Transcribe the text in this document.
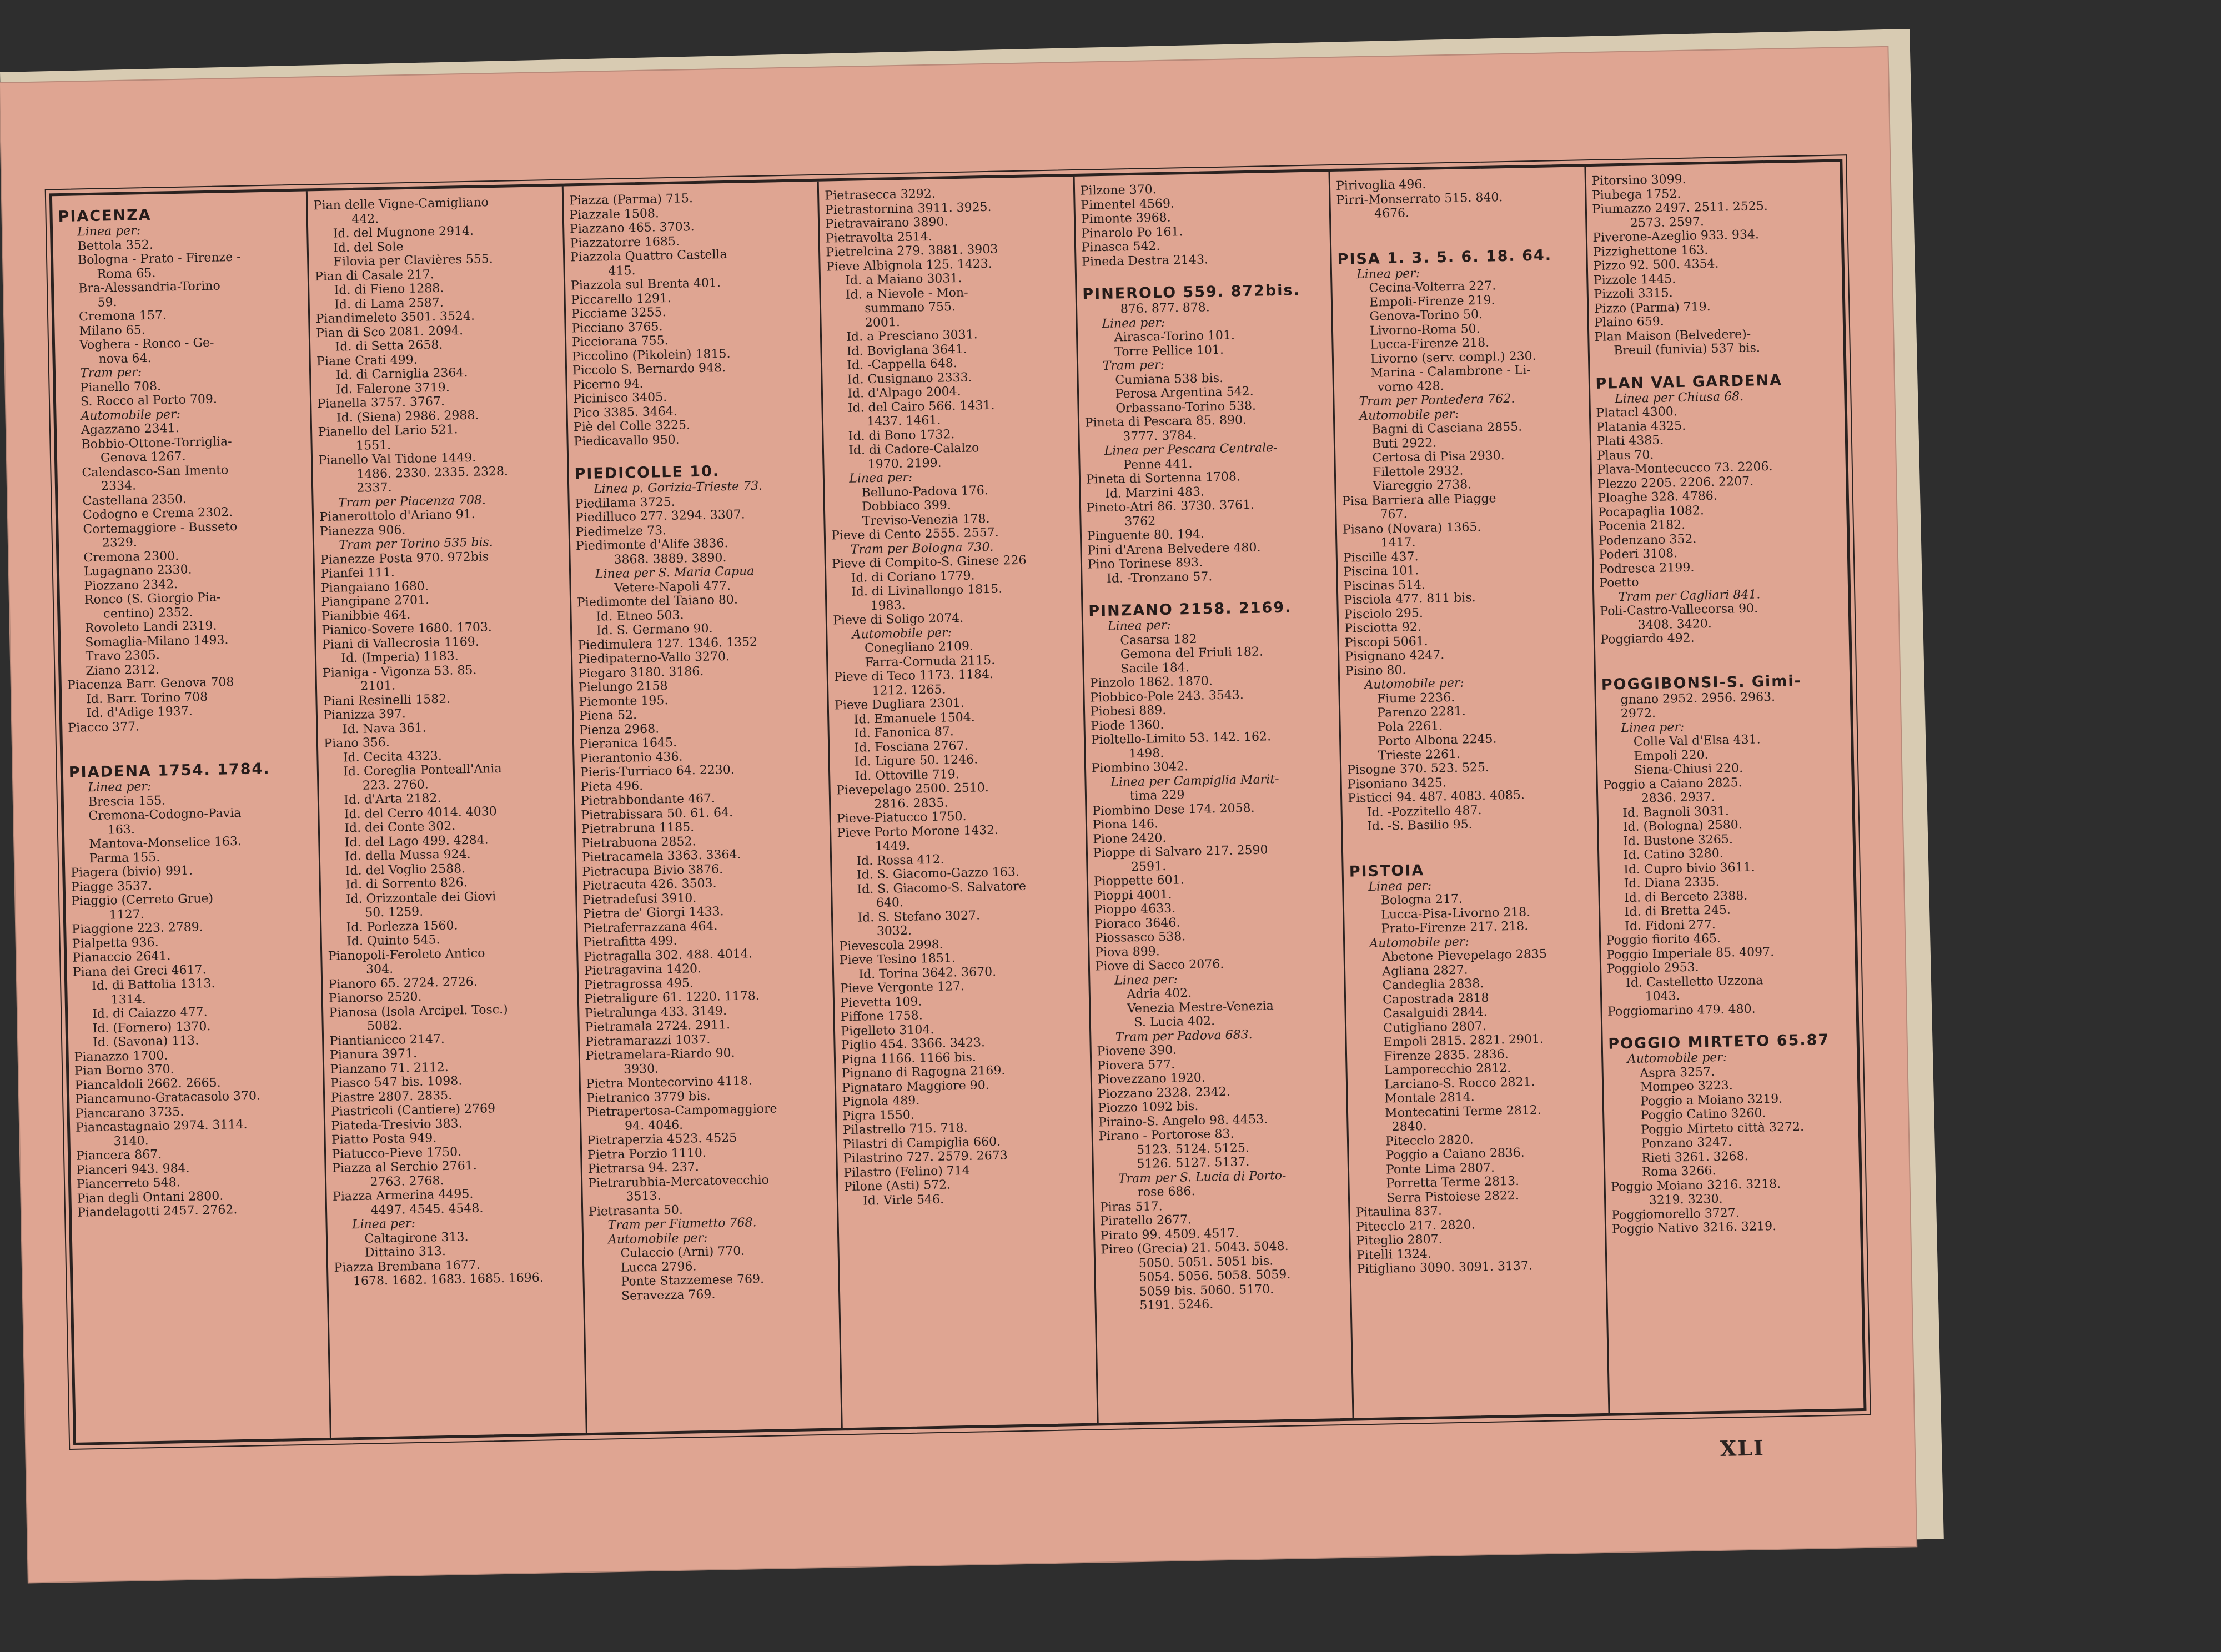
PIACENZA
Linea per:
Bettola 352.
Bologna - Prato - Firenze -
Roma 65.
Bra-Alessandria-Torino
59.
Cremona 157.
Milano 65.
Voghera - Ronco - Ge-
nova 64.
Tram per:
Pianello 708.
S. Rocco al Porto 709.
Automobile per:
Agazzano 2341.
Bobbio-Ottone-Torriglia-
Genova 1267.
Calendasco-San Imento
2334.
Castellana 2350.
Codogno e Crema 2302.
Cortemaggiore - Busseto
2329.
Cremona 2300.
Lugagnano 2330.
Piozzano 2342.
Ronco (S. Giorgio Pia-
centino) 2352.
Rovoleto Landi 2319.
Somaglia-Milano 1493.
Travo 2305.
Ziano 2312.
Piacenza Barr. Genova 708
Id. Barr. Torino 708
Id. d'Adige 1937.
Piacco 377.
PIADENA 1754. 1784.
Linea per:
Brescia 155.
Cremona-Codogno-Pavia
163.
Mantova-Monselice 163.
Parma 155.
Piagera (bivio) 991.
Piagge 3537.
Piaggio (Cerreto Grue)
1127.
Piaggione 223. 2789.
Pialpetta 936.
Pianaccio 2641.
Piana dei Greci 4617.
Id. di Battolia 1313.
1314.
Id. di Caiazzo 477.
Id. (Fornero) 1370.
Id. (Savona) 113.
Pianazzo 1700.
Pian Borno 370.
Piancaldoli 2662. 2665.
Piancamuno-Gratacasolo 370.
Piancarano 3735.
Piancastagnaio 2974. 3114.
3140.
Piancera 867.
Pianceri 943. 984.
Piancerreto 548.
Pian degli Ontani 2800.
Piandelagotti 2457. 2762.
Pian delle Vigne-Camigliano
442.
Id. del Mugnone 2914.
Id. del Sole
Filovia per Clavières 555.
Pian di Casale 217.
Id. di Fieno 1288.
Id. di Lama 2587.
Piandimeleto 3501. 3524.
Pian di Sco 2081. 2094.
Id. di Setta 2658.
Piane Crati 499.
Id. di Carniglia 2364.
Id. Falerone 3719.
Pianella 3757. 3767.
Id. (Siena) 2986. 2988.
Pianello del Lario 521.
1551.
Pianello Val Tidone 1449.
1486. 2330. 2335. 2328.
2337.
Tram per Piacenza 708.
Pianerottolo d'Ariano 91.
Pianezza 906.
Tram per Torino 535 bis.
Pianezze Posta 970. 972bis
Pianfei 111.
Piangaiano 1680.
Piangipane 2701.
Pianibbie 464.
Pianico-Sovere 1680. 1703.
Piani di Vallecrosia 1169.
Id. (Imperia) 1183.
Pianiga - Vigonza 53. 85.
2101.
Piani Resinelli 1582.
Pianizza 397.
Id. Nava 361.
Piano 356.
Id. Cecita 4323.
Id. Coreglia Ponteall'Ania
223. 2760.
Id. d'Arta 2182.
Id. del Cerro 4014. 4030
Id. dei Conte 302.
Id. del Lago 499. 4284.
Id. della Mussa 924.
Id. del Voglio 2588.
Id. di Sorrento 826.
Id. Orizzontale dei Giovi
50. 1259.
Id. Porlezza 1560.
Id. Quinto 545.
Pianopoli-Feroleto Antico
304.
Pianoro 65. 2724. 2726.
Pianorso 2520.
Pianosa (Isola Arcipel. Tosc.)
5082.
Piantianicco 2147.
Pianura 3971.
Pianzano 71. 2112.
Piasco 547 bis. 1098.
Piastre 2807. 2835.
Piastricoli (Cantiere) 2769
Piateda-Tresivio 383.
Piatto Posta 949.
Piatucco-Pieve 1750.
Piazza al Serchio 2761.
2763. 2768.
Piazza Armerina 4495.
4497. 4545. 4548.
Linea per:
Caltagirone 313.
Dittaino 313.
Piazza Brembana 1677.
1678. 1682. 1683. 1685. 1696.
Piazza (Parma) 715.
Piazzale 1508.
Piazzano 465. 3703.
Piazzatorre 1685.
Piazzola Quattro Castella
415.
Piazzola sul Brenta 401.
Piccarello 1291.
Picciame 3255.
Picciano 3765.
Picciorana 755.
Piccolino (Pikolein) 1815.
Piccolo S. Bernardo 948.
Picerno 94.
Picinisco 3405.
Pico 3385. 3464.
Piè del Colle 3225.
Piedicavallo 950.
PIEDICOLLE 10.
Linea p. Gorizia-Trieste 73.
Piedilama 3725.
Piedilluco 277. 3294. 3307.
Piedimelze 73.
Piedimonte d'Alife 3836.
3868. 3889. 3890.
Linea per S. Maria Capua
Vetere-Napoli 477.
Piedimonte del Taiano 80.
Id. Etneo 503.
Id. S. Germano 90.
Piedimulera 127. 1346. 1352
Piedipaterno-Vallo 3270.
Piegaro 3180. 3186.
Pielungo 2158
Piemonte 195.
Piena 52.
Pienza 2968.
Pieranica 1645.
Pierantonio 436.
Pieris-Turriaco 64. 2230.
Pieta 496.
Pietrabbondante 467.
Pietrabissara 50. 61. 64.
Pietrabruna 1185.
Pietrabuona 2852.
Pietracamela 3363. 3364.
Pietracupa Bivio 3876.
Pietracuta 426. 3503.
Pietradefusi 3910.
Pietra de' Giorgi 1433.
Pietraferrazzana 464.
Pietrafitta 499.
Pietragalla 302. 488. 4014.
Pietragavina 1420.
Pietragrossa 495.
Pietraligure 61. 1220. 1178.
Pietralunga 433. 3149.
Pietramala 2724. 2911.
Pietramarazzi 1037.
Pietramelara-Riardo 90.
3930.
Pietra Montecorvino 4118.
Pietranico 3779 bis.
Pietrapertosa-Campomaggiore
94. 4046.
Pietraperzia 4523. 4525
Pietra Porzio 1110.
Pietrarsa 94. 237.
Pietrarubbia-Mercatovecchio
3513.
Pietrasanta 50.
Tram per Fiumetto 768.
Automobile per:
Culaccio (Arni) 770.
Lucca 2796.
Ponte Stazzemese 769.
Seravezza 769.
Pietrasecca 3292.
Pietrastornina 3911. 3925.
Pietravairano 3890.
Pietravolta 2514.
Pietrelcina 279. 3881. 3903
Pieve Albignola 125. 1423.
Id. a Maiano 3031.
Id. a Nievole - Mon-
summano 755.
2001.
Id. a Presciano 3031.
Id. Boviglana 3641.
Id. -Cappella 648.
Id. Cusignano 2333.
Id. d'Alpago 2004.
Id. del Cairo 566. 1431.
1437. 1461.
Id. di Bono 1732.
Id. di Cadore-Calalzo
1970. 2199.
Linea per:
Belluno-Padova 176.
Dobbiaco 399.
Treviso-Venezia 178.
Pieve di Cento 2555. 2557.
Tram per Bologna 730.
Pieve di Compito-S. Ginese 226
Id. di Coriano 1779.
Id. di Livinallongo 1815.
1983.
Pieve di Soligo 2074.
Automobile per:
Conegliano 2109.
Farra-Cornuda 2115.
Pieve di Teco 1173. 1184.
1212. 1265.
Pieve Dugliara 2301.
Id. Emanuele 1504.
Id. Fanonica 87.
Id. Fosciana 2767.
Id. Ligure 50. 1246.
Id. Ottoville 719.
Pievepelago 2500. 2510.
2816. 2835.
Pieve-Piatucco 1750.
Pieve Porto Morone 1432.
1449.
Id. Rossa 412.
Id. S. Giacomo-Gazzo 163.
Id. S. Giacomo-S. Salvatore
640.
Id. S. Stefano 3027.
3032.
Pievescola 2998.
Pieve Tesino 1851.
Id. Torina 3642. 3670.
Pieve Vergonte 127.
Pievetta 109.
Piffone 1758.
Pigelleto 3104.
Piglio 454. 3366. 3423.
Pigna 1166. 1166 bis.
Pignano di Ragogna 2169.
Pignataro Maggiore 90.
Pignola 489.
Pigra 1550.
Pilastrello 715. 718.
Pilastri di Campiglia 660.
Pilastrino 727. 2579. 2673
Pilastro (Felino) 714
Pilone (Asti) 572.
Id. Virle 546.
Pilzone 370.
Pimentel 4569.
Pimonte 3968.
Pinarolo Po 161.
Pinasca 542.
Pineda Destra 2143.
PINEROLO 559. 872bis.
876. 877. 878.
Linea per:
Airasca-Torino 101.
Torre Pellice 101.
Tram per:
Cumiana 538 bis.
Perosa Argentina 542.
Orbassano-Torino 538.
Pineta di Pescara 85. 890.
3777. 3784.
Linea per Pescara Centrale-
Penne 441.
Pineta di Sortenna 1708.
Id. Marzini 483.
Pineto-Atri 86. 3730. 3761.
3762
Pinguente 80. 194.
Pini d'Arena Belvedere 480.
Pino Torinese 893.
Id. -Tronzano 57.
PINZANO 2158. 2169.
Linea per:
Casarsa 182
Gemona del Friuli 182.
Sacile 184.
Pinzolo 1862. 1870.
Piobbico-Pole 243. 3543.
Piobesi 889.
Piode 1360.
Pioltello-Limito 53. 142. 162.
1498.
Piombino 3042.
Linea per Campiglia Marit-
tima 229
Piombino Dese 174. 2058.
Piona 146.
Pione 2420.
Pioppe di Salvaro 217. 2590
2591.
Pioppette 601.
Pioppi 4001.
Pioppo 4633.
Pioraco 3646.
Piossasco 538.
Piova 899.
Piove di Sacco 2076.
Linea per:
Adria 402.
Venezia Mestre-Venezia
S. Lucia 402.
Tram per Padova 683.
Piovene 390.
Piovera 577.
Piovezzano 1920.
Piozzano 2328. 2342.
Piozzo 1092 bis.
Piraino-S. Angelo 98. 4453.
Pirano - Portorose 83.
5123. 5124. 5125.
5126. 5127. 5137.
Tram per S. Lucia di Porto-
rose 686.
Piras 517.
Piratello 2677.
Pirato 99. 4509. 4517.
Pireo (Grecia) 21. 5043. 5048.
5050. 5051. 5051 bis.
5054. 5056. 5058. 5059.
5059 bis. 5060. 5170.
5191. 5246.
Pirivoglia 496.
Pirri-Monserrato 515. 840.
4676.
PISA 1. 3. 5. 6. 18. 64.
Linea per:
Cecina-Volterra 227.
Empoli-Firenze 219.
Genova-Torino 50.
Livorno-Roma 50.
Lucca-Firenze 218.
Livorno (serv. compl.) 230.
Marina - Calambrone - Li-
vorno 428.
Tram per Pontedera 762.
Automobile per:
Bagni di Casciana 2855.
Buti 2922.
Certosa di Pisa 2930.
Filettole 2932.
Viareggio 2738.
Pisa Barriera alle Piagge
767.
Pisano (Novara) 1365.
1417.
Piscille 437.
Piscina 101.
Piscinas 514.
Pisciola 477. 811 bis.
Pisciolo 295.
Pisciotta 92.
Piscopi 5061.
Pisignano 4247.
Pisino 80.
Automobile per:
Fiume 2236.
Parenzo 2281.
Pola 2261.
Porto Albona 2245.
Trieste 2261.
Pisogne 370. 523. 525.
Pisoniano 3425.
Pisticci 94. 487. 4083. 4085.
Id. -Pozzitello 487.
Id. -S. Basilio 95.
PISTOIA
Linea per:
Bologna 217.
Lucca-Pisa-Livorno 218.
Prato-Firenze 217. 218.
Automobile per:
Abetone Pievepelago 2835
Agliana 2827.
Candeglia 2838.
Capostrada 2818
Casalguidi 2844.
Cutigliano 2807.
Empoli 2815. 2821. 2901.
Firenze 2835. 2836.
Lamporecchio 2812.
Larciano-S. Rocco 2821.
Montale 2814.
Montecatini Terme 2812.
2840.
Pitecclo 2820.
Poggio a Caiano 2836.
Ponte Lima 2807.
Porretta Terme 2813.
Serra Pistoiese 2822.
Pitaulina 837.
Pitecclo 217. 2820.
Piteglio 2807.
Pitelli 1324.
Pitigliano 3090. 3091. 3137.
Pitorsino 3099.
Piubega 1752.
Piumazzo 2497. 2511. 2525.
2573. 2597.
Piverone-Azeglio 933. 934.
Pizzighettone 163.
Pizzo 92. 500. 4354.
Pizzole 1445.
Pizzoli 3315.
Pizzo (Parma) 719.
Plaino 659.
Plan Maison (Belvedere)-
Breuil (funivia) 537 bis.
PLAN VAL GARDENA
Linea per Chiusa 68.
Platacl 4300.
Platania 4325.
Plati 4385.
Plaus 70.
Plava-Montecucco 73. 2206.
Plezzo 2205. 2206. 2207.
Ploaghe 328. 4786.
Pocapaglia 1082.
Pocenia 2182.
Podenzano 352.
Poderi 3108.
Podresca 2199.
Poetto
Tram per Cagliari 841.
Poli-Castro-Vallecorsa 90.
3408. 3420.
Poggiardo 492.
POGGIBONSI-S. Gimi-
gnano 2952. 2956. 2963.
2972.
Linea per:
Colle Val d'Elsa 431.
Empoli 220.
Siena-Chiusi 220.
Poggio a Caiano 2825.
2836. 2937.
Id. Bagnoli 3031.
Id. (Bologna) 2580.
Id. Bustone 3265.
Id. Catino 3280.
Id. Cupro bivio 3611.
Id. Diana 2335.
Id. di Berceto 2388.
Id. di Bretta 245.
Id. Fidoni 277.
Poggio fiorito 465.
Poggio Imperiale 85. 4097.
Poggiolo 2953.
Id. Castelletto Uzzona
1043.
Poggiomarino 479. 480.
POGGIO MIRTETO 65.87
Automobile per:
Aspra 3257.
Mompeo 3223.
Poggio a Moiano 3219.
Poggio Catino 3260.
Poggio Mirteto città 3272.
Ponzano 3247.
Rieti 3261. 3268.
Roma 3266.
Poggio Moiano 3216. 3218.
3219. 3230.
Poggiomorello 3727.
Poggio Nativo 3216. 3219.
XLI
